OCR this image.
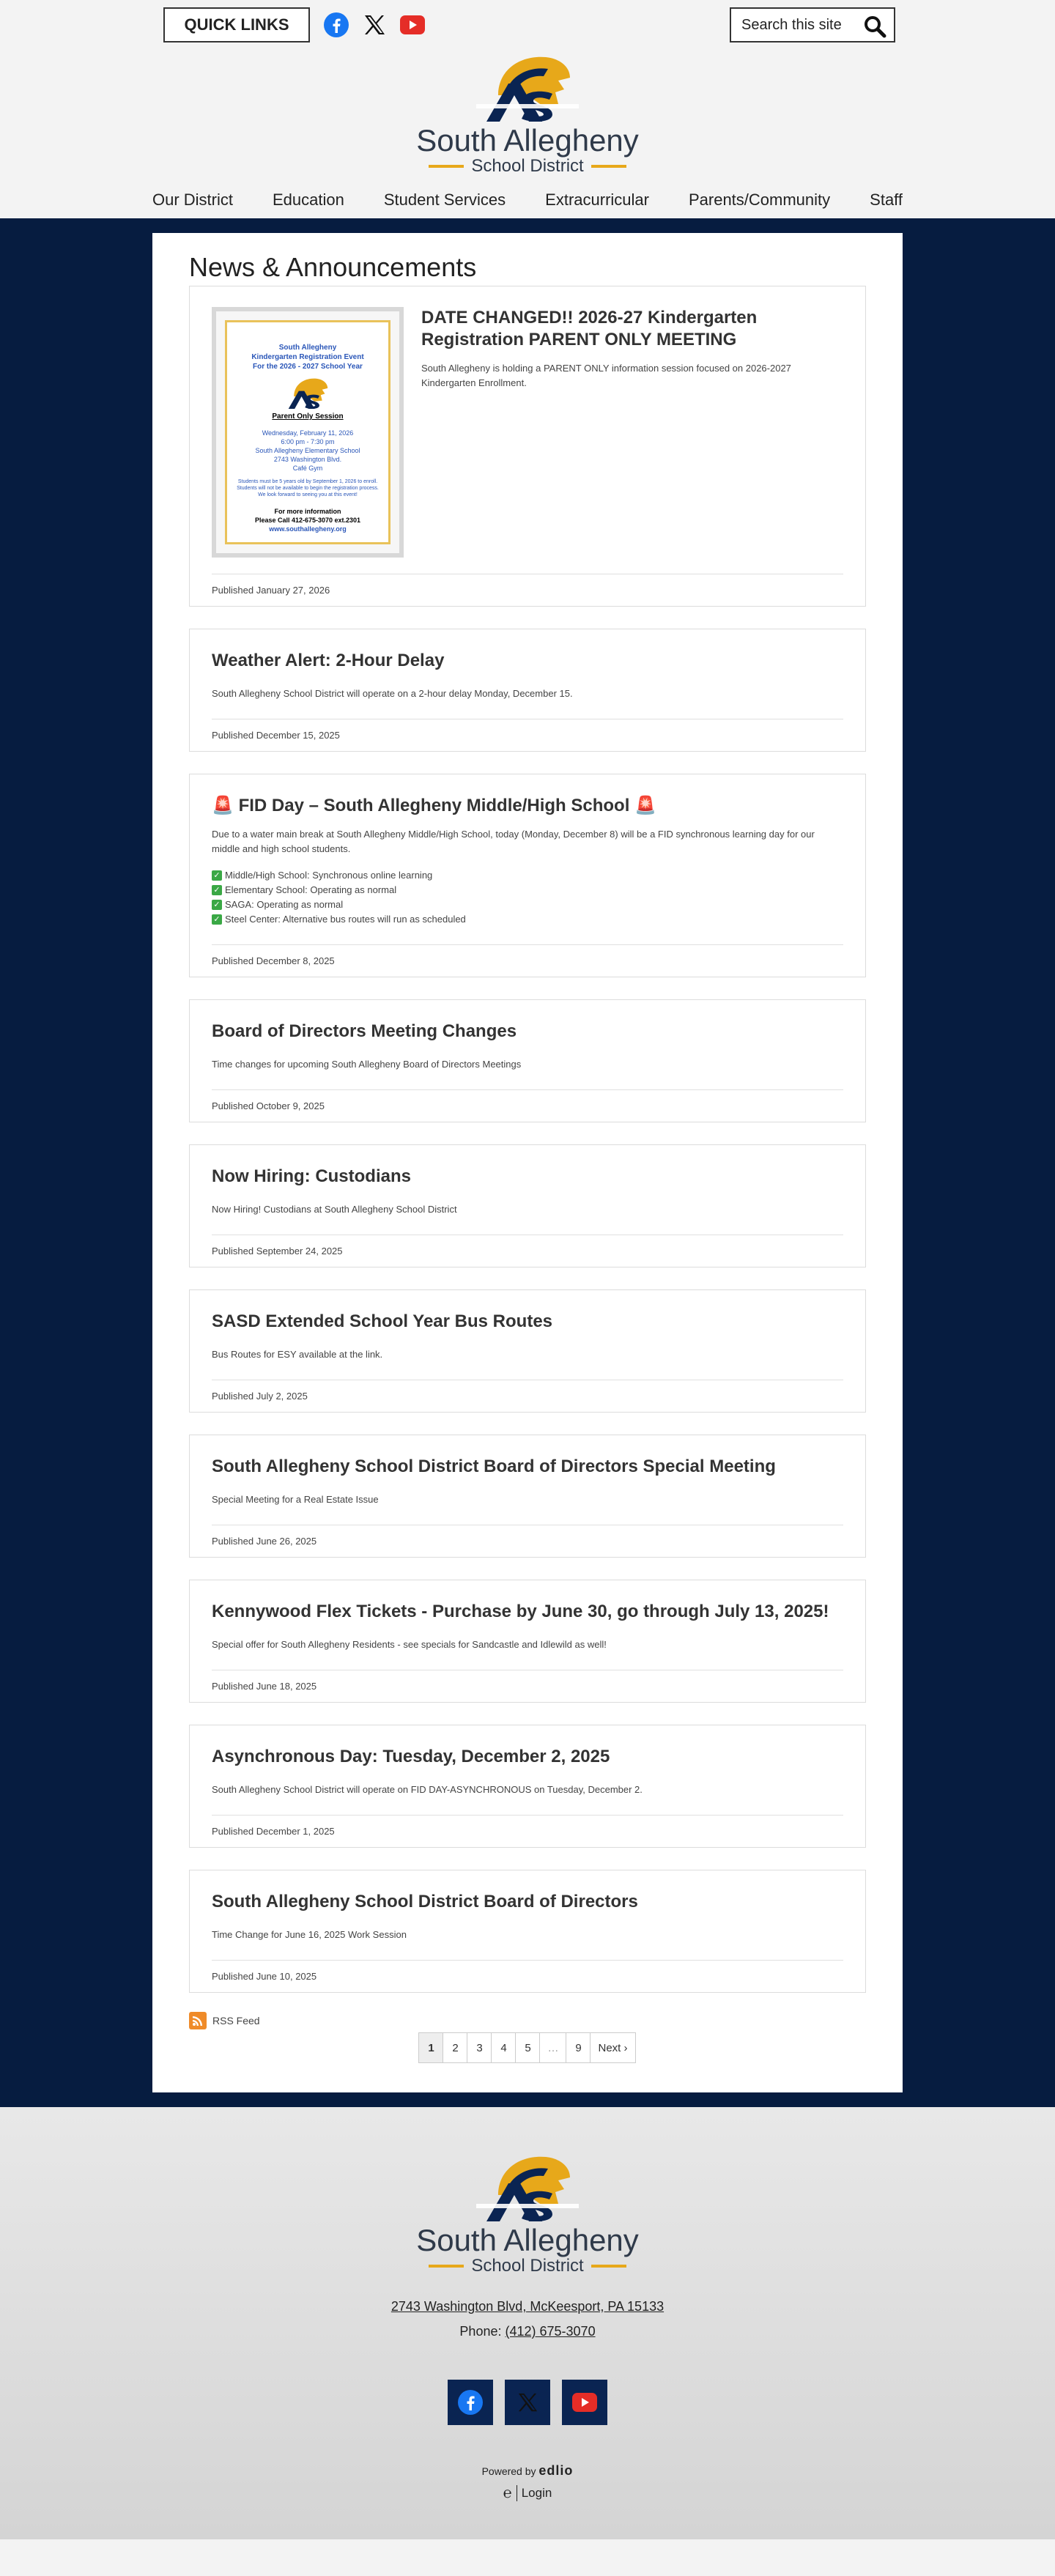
QUICK LINKS
Search this site
South Allegheny
School District
Our District	Education	Student Services	Extracurricular	Parents/Community	Staff
News & Announcements
South Allegheny
Kindergarten Registration Event
For the 2026 - 2027 School Year
Parent Only Session
Wednesday, February 11, 2026
6:00 pm - 7:30 pm
South Allegheny Elementary School
2743 Washington Blvd.
Café Gym
Students must be 5 years old by September 1, 2026 to enroll.
Students will not be available to begin the registration process.
We look forward to seeing you at this event!
For more information
Please Call 412-675-3070 ext.2301
www.southallegheny.org
DATE CHANGED!! 2026-27 Kindergarten Registration PARENT ONLY MEETING
South Allegheny is holding a PARENT ONLY information session focused on 2026-2027 Kindergarten Enrollment.
Published January 27, 2026
Weather Alert: 2-Hour Delay
South Allegheny School District will operate on a 2-hour delay Monday, December 15.
Published December 15, 2025
🚨 FID Day – South Allegheny Middle/High School 🚨
Due to a water main break at South Allegheny Middle/High School, today (Monday, December 8) will be a FID synchronous learning day for our middle and high school students.
✓ Middle/High School: Synchronous online learning
✓ Elementary School: Operating as normal
✓ SAGA: Operating as normal
✓ Steel Center: Alternative bus routes will run as scheduled
Published December 8, 2025
Board of Directors Meeting Changes
Time changes for upcoming South Allegheny Board of Directors Meetings
Published October 9, 2025
Now Hiring: Custodians
Now Hiring! Custodians at South Allegheny School District
Published September 24, 2025
SASD Extended School Year Bus Routes
Bus Routes for ESY available at the link.
Published July 2, 2025
South Allegheny School District Board of Directors Special Meeting
Special Meeting for a Real Estate Issue
Published June 26, 2025
Kennywood Flex Tickets - Purchase by June 30, go through July 13, 2025!
Special offer for South Allegheny Residents - see specials for Sandcastle and Idlewild as well!
Published June 18, 2025
Asynchronous Day: Tuesday, December 2, 2025
South Allegheny School District will operate on FID DAY-ASYNCHRONOUS on Tuesday, December 2.
Published December 1, 2025
South Allegheny School District Board of Directors
Time Change for June 16, 2025 Work Session
Published June 10, 2025
RSS Feed
1	2	3	4	5	…	9	Next ›
South Allegheny
School District
2743 Washington Blvd, McKeesport, PA 15133
Phone: (412) 675-3070
Powered by edlio
℮ Login
